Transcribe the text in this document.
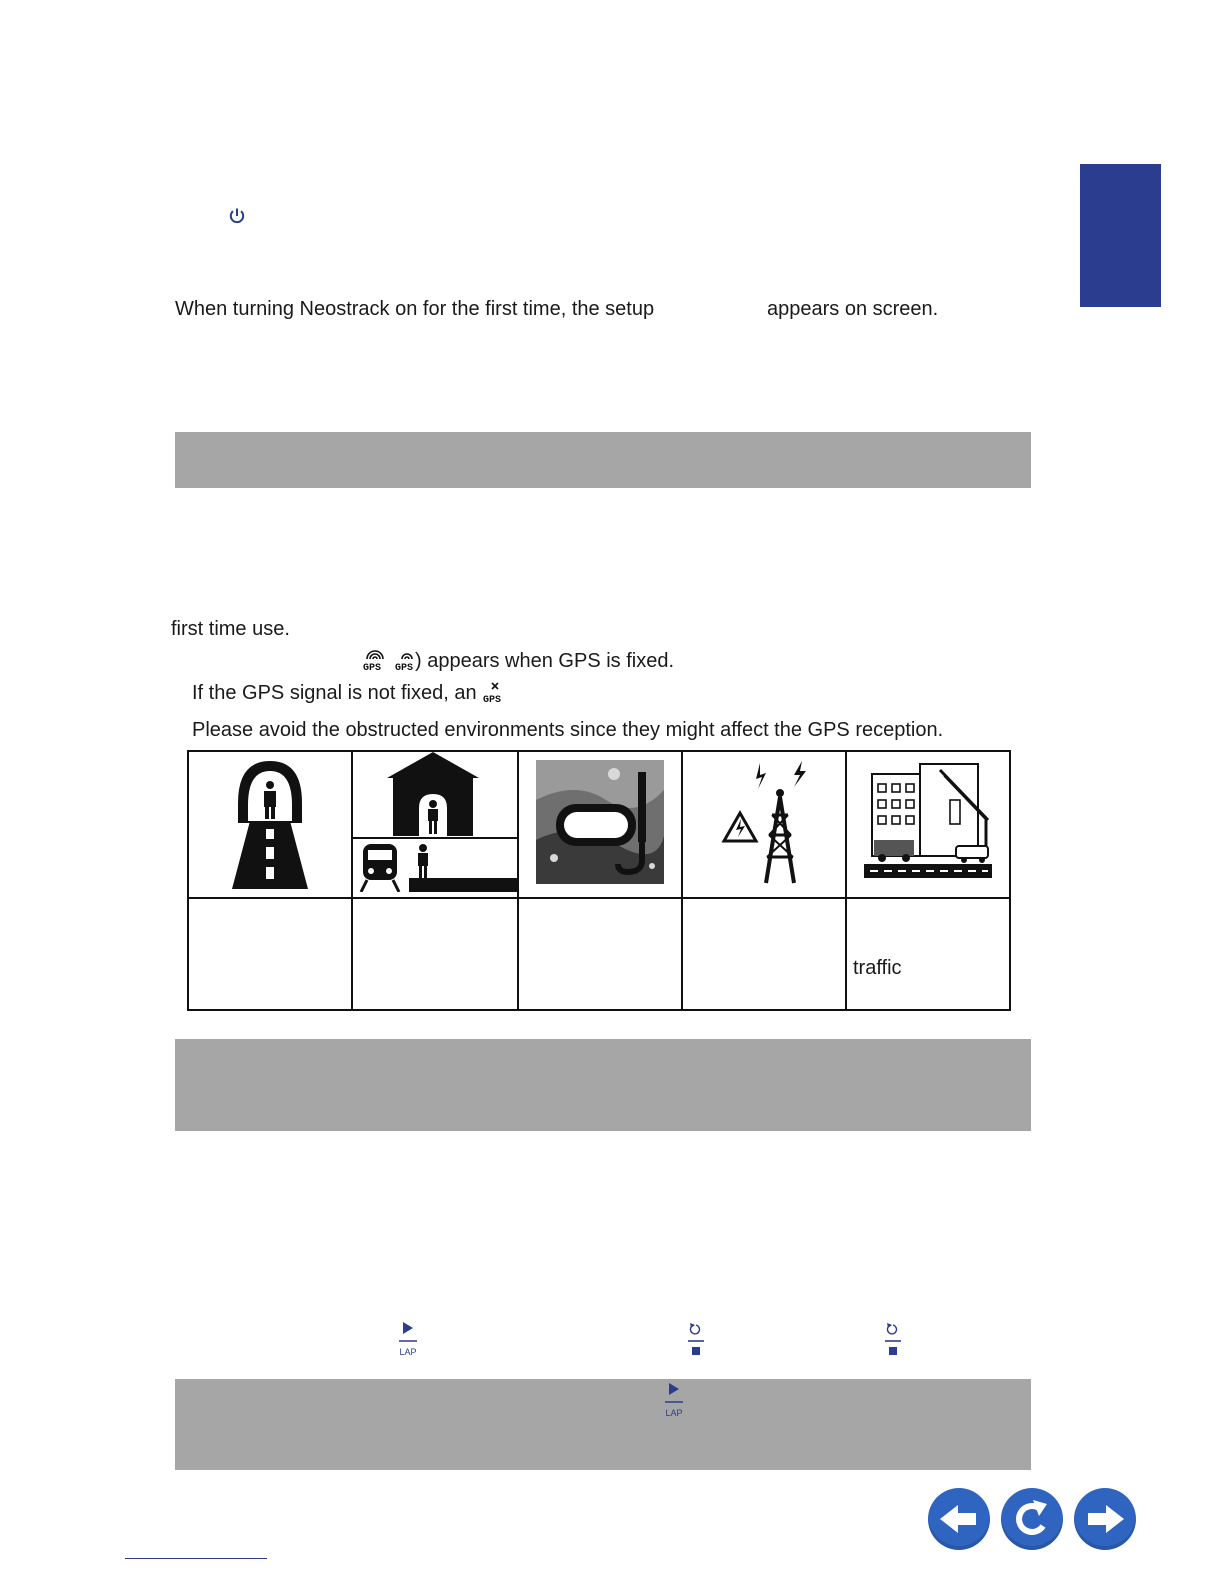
When turning Neostrack on for the first time, the setup	appears on screen.
first time use.
GPS GPS ) appears when GPS is fixed.
If the GPS signal is not fixed, an GPS
Please avoid the obstructed environments since they might affect the GPS reception.

				traffic
LAP
LAP
